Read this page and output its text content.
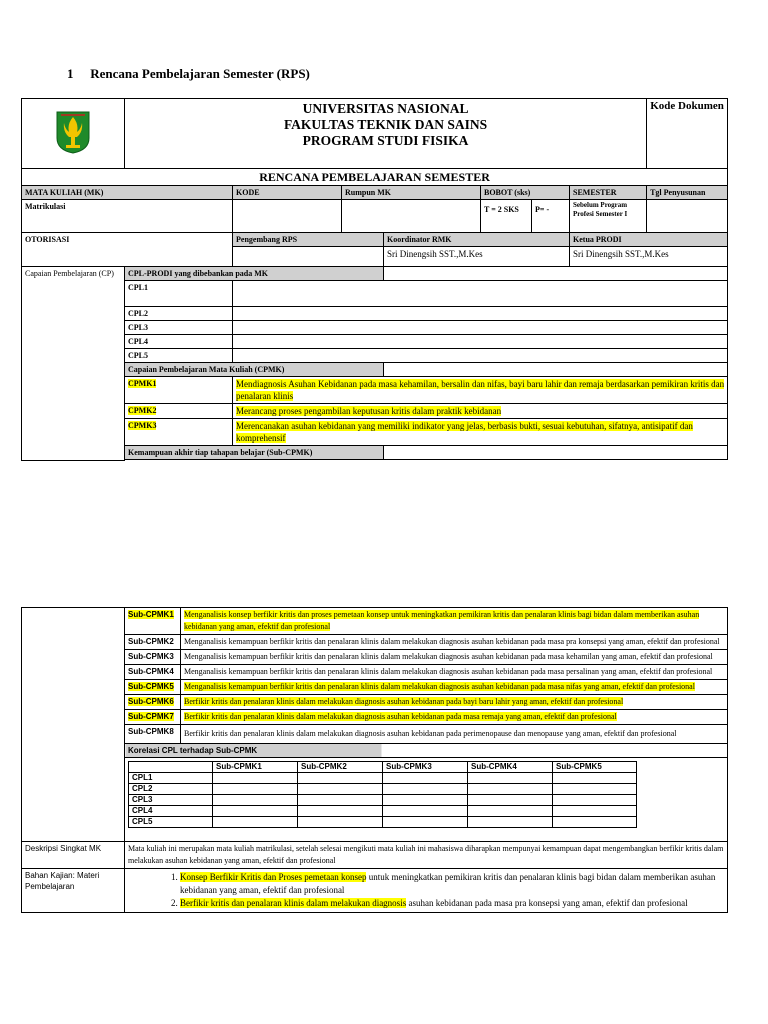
1 Rencana Pembelajaran Semester (RPS)

UNIVERSITAS NASIONAL
FAKULTAS TEKNIK DAN SAINS
PROGRAM STUDI FISIKA							Kode Dokumen
RENCANA PEMBELAJARAN SEMESTER								
MATA KULIAH (MK)		KODE	Rumpun MK		BOBOT (sks)		SEMESTER	Tgl Penyusunan
Matrikulasi					T = 2 SKS	P= -	Sebelum Program Profesi Semester I	
OTORISASI		Pengembang RPS		Koordinator RMK			Ketua PRODI	
				Sri Dinengsih SST.,M.Kes			Sri Dinengsih SST.,M.Kes	
Capaian Pembelajaran (CP)	CPL-PRODI yang dibebankan pada MK							
	CPL1							
	CPL2							
	CPL3							
	CPL4							
	CPL5							
	Capaian Pembelajaran Mata Kuliah (CPMK)							
	CPMK1	Mendiagnosis Asuhan Kebidanan pada masa kehamilan, bersalin dan nifas, bayi baru lahir dan remaja berdasarkan pemikiran kritis dan penalaran klinis						
	CPMK2	Merancang proses pengambilan keputusan kritis dalam praktik kebidanan						
	CPMK3	Merencanakan asuhan kebidanan yang memiliki indikator yang jelas, berbasis bukti, sesuai kebutuhan, sifatnya, antisipatif dan komprehensif						
	Kemampuan akhir tiap tahapan belajar (Sub-CPMK)							

	Sub-CPMK1	Menganalisis konsep berfikir kritis dan proses pemetaan konsep untuk meningkatkan pemikiran kritis dan penalaran klinis bagi bidan dalam memberikan asuhan kebidanan yang aman, efektif dan profesional
Sub-CPMK2	Menganalisis kemampuan berfikir kritis dan penalaran klinis dalam melakukan diagnosis asuhan kebidanan pada masa pra konsepsi yang aman, efektif dan profesional
Sub-CPMK3	Menganalisis kemampuan berfikir kritis dan penalaran klinis dalam melakukan diagnosis asuhan kebidanan pada masa kehamilan yang aman, efektif dan profesional
Sub-CPMK4	Menganalisis kemampuan berfikir kritis dan penalaran klinis dalam melakukan diagnosis asuhan kebidanan pada masa persalinan yang aman, efektif dan profesional
Sub-CPMK5	Menganalisis kemampuan berfikir kritis dan penalaran klinis dalam melakukan diagnosis asuhan kebidanan pada masa nifas yang aman, efektif dan profesional
Sub-CPMK6	Berfikir kritis dan penalaran klinis dalam melakukan diagnosis asuhan kebidanan pada bayi baru lahir yang aman, efektif dan profesional
Sub-CPMK7	Berfikir kritis dan penalaran klinis dalam melakukan diagnosis asuhan kebidanan pada masa remaja yang aman, efektif dan profesional
Sub-CPMK8	Berfikir kritis dan penalaran klinis dalam melakukan diagnosis asuhan kebidanan pada perimenopause dan menopause yang aman, efektif dan profesional
Korelasi CPL terhadap Sub-CPMK

	Sub-CPMK1	Sub-CPMK2	Sub-CPMK3	Sub-CPMK4	Sub-CPMK5
CPL1					
CPL2					
CPL3					
CPL4					
CPL5					

Deskripsi Singkat MK	Mata kuliah ini merupakan mata kuliah matrikulasi, setelah selesai mengikuti mata kuliah ini mahasiswa diharapkan mempunyai kemampuan dapat mengembangkan berfikir kritis dalam melakukan asuhan kebidanan yang aman, efektif dan profesional
Bahan Kajian: Materi Pembelajaran	
1. Konsep Berfikir Kritis dan Proses pemetaan konsep untuk meningkatkan pemikiran kritis dan penalaran klinis bagi bidan dalam memberikan asuhan kebidanan yang aman, efektif dan profesional
2. Berfikir kritis dan penalaran klinis dalam melakukan diagnosis asuhan kebidanan pada masa pra konsepsi yang aman, efektif dan profesional
